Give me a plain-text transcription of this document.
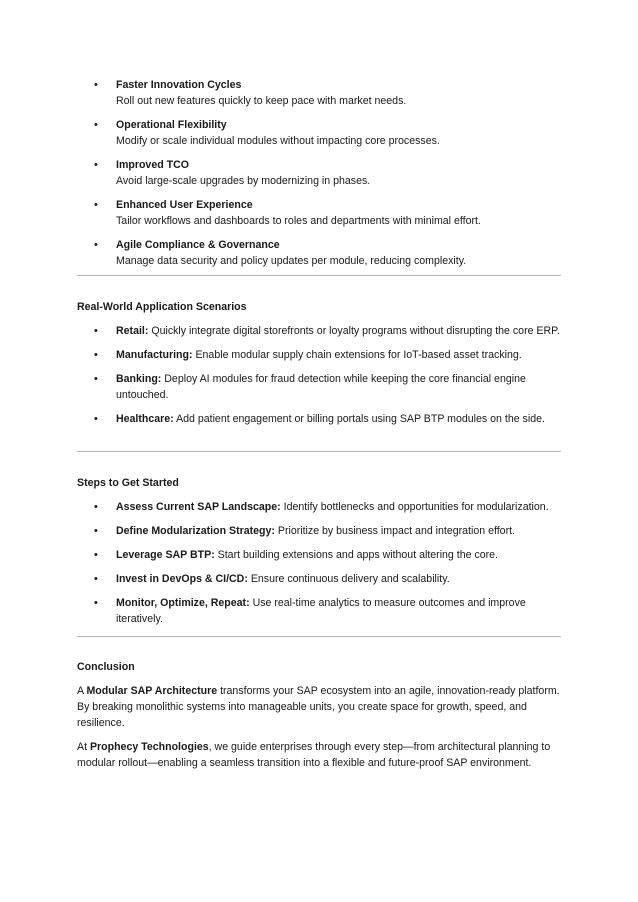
• Faster Innovation Cycles
Roll out new features quickly to keep pace with market needs.
• Operational Flexibility
Modify or scale individual modules without impacting core processes.
• Improved TCO
Avoid large-scale upgrades by modernizing in phases.
• Enhanced User Experience
Tailor workflows and dashboards to roles and departments with minimal effort.
• Agile Compliance & Governance
Manage data security and policy updates per module, reducing complexity.
Real-World Application Scenarios
• Retail: Quickly integrate digital storefronts or loyalty programs without disrupting the core ERP.
• Manufacturing: Enable modular supply chain extensions for IoT-based asset tracking.
• Banking: Deploy AI modules for fraud detection while keeping the core financial engine untouched.
• Healthcare: Add patient engagement or billing portals using SAP BTP modules on the side.
Steps to Get Started
• Assess Current SAP Landscape: Identify bottlenecks and opportunities for modularization.
• Define Modularization Strategy: Prioritize by business impact and integration effort.
• Leverage SAP BTP: Start building extensions and apps without altering the core.
• Invest in DevOps & CI/CD: Ensure continuous delivery and scalability.
• Monitor, Optimize, Repeat: Use real-time analytics to measure outcomes and improve iteratively.
Conclusion

A Modular SAP Architecture transforms your SAP ecosystem into an agile, innovation-ready platform. By breaking monolithic systems into manageable units, you create space for growth, speed, and resilience.

At Prophecy Technologies, we guide enterprises through every step—from architectural planning to modular rollout—enabling a seamless transition into a flexible and future-proof SAP environment.
